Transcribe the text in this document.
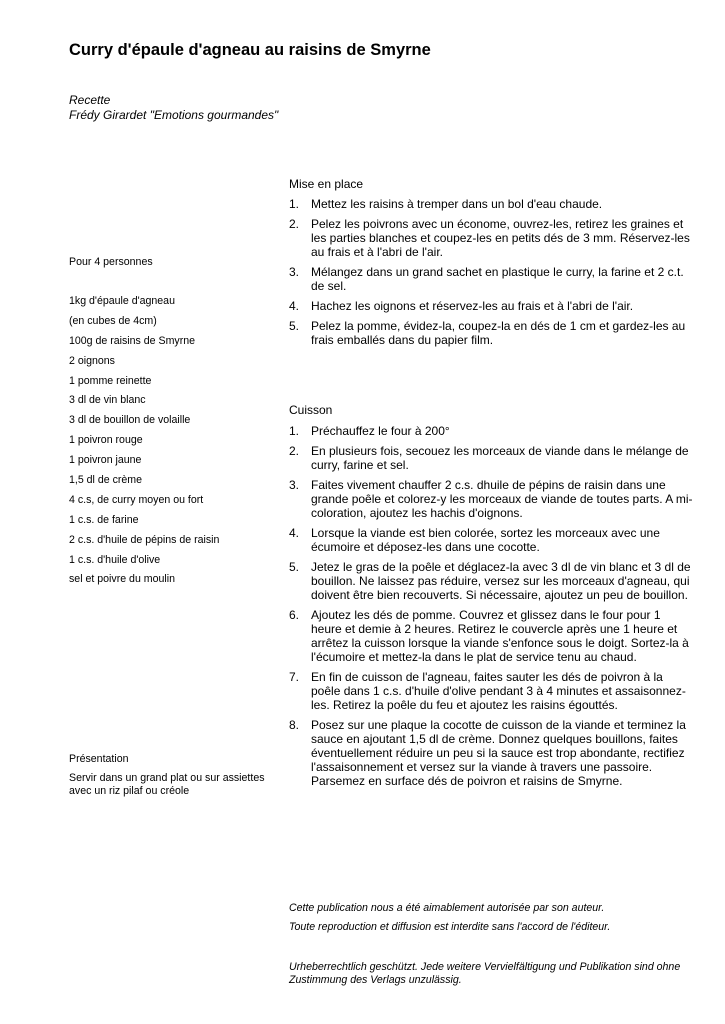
Curry d'épaule d'agneau au raisins de Smyrne
Recette
Frédy Girardet "Emotions gourmandes"
Pour 4 personnes
1kg d'épaule d'agneau
(en cubes de 4cm)
100g de raisins de Smyrne
2 oignons
1 pomme reinette
3 dl de vin blanc
3 dl de bouillon de volaille
1 poivron rouge
1 poivron jaune
1,5 dl de crème
4 c.s, de curry moyen ou fort
1 c.s. de farine
2 c.s. d'huile de pépins de raisin
1 c.s. d'huile d'olive
sel et poivre du moulin
Présentation
Servir dans un grand plat ou sur assiettes avec un riz pilaf ou créole
Mise en place
1. Mettez les raisins à tremper dans un bol d'eau chaude.
2. Pelez les poivrons avec un économe, ouvrez-les, retirez les graines et les parties blanches et coupez-les en petits dés de 3 mm. Réservez-les au frais et à l'abri de l'air.
3. Mélangez dans un grand sachet en plastique le curry, la farine et 2 c.t. de sel.
4. Hachez les oignons et réservez-les au frais et à l'abri de l'air.
5. Pelez la pomme, évidez-la, coupez-la en dés de 1 cm et gardez-les au frais emballés dans du papier film.
Cuisson
1. Préchauffez le four à 200°
2. En plusieurs fois, secouez les morceaux de viande dans le mélange de curry, farine et sel.
3. Faites vivement chauffer 2 c.s. dhuile de pépins de raisin dans une grande poêle et colorez-y les morceaux de viande de toutes parts. A mi-coloration, ajoutez les hachis d'oignons.
4. Lorsque la viande est bien colorée, sortez les morceaux avec une écumoire et déposez-les dans une cocotte.
5. Jetez le gras de la poêle et déglacez-la avec 3 dl de vin blanc et 3 dl de bouillon. Ne laissez pas réduire, versez sur les morceaux d'agneau, qui doivent être bien recouverts. Si nécessaire, ajoutez un peu de bouillon.
6. Ajoutez les dés de pomme. Couvrez et glissez dans le four pour 1 heure et demie à 2 heures. Retirez le couvercle après une 1 heure et arrêtez la cuisson lorsque la viande s'enfonce sous le doigt. Sortez-la à l'écumoire et mettez-la dans le plat de service tenu au chaud.
7. En fin de cuisson de l'agneau, faites sauter les dés de poivron à la poêle dans 1 c.s. d'huile d'olive pendant 3 à 4 minutes et assaisonnez-les. Retirez la poêle du feu et ajoutez les raisins égouttés.
8. Posez sur une plaque la cocotte de cuisson de la viande et terminez la sauce en ajoutant 1,5 dl de crème. Donnez quelques bouillons, faites éventuellement réduire un peu si la sauce est trop abondante, rectifiez l'assaisonnement et versez sur la viande à travers une passoire. Parsemez en surface dés de poivron et raisins de Smyrne.
Cette publication nous a été aimablement autorisée par son auteur.
Toute reproduction et diffusion est interdite sans l'accord de l'éditeur.
Urheberrechtlich geschützt. Jede weitere Vervielfältigung und Publikation sind ohne Zustimmung des Verlags unzulässig.
